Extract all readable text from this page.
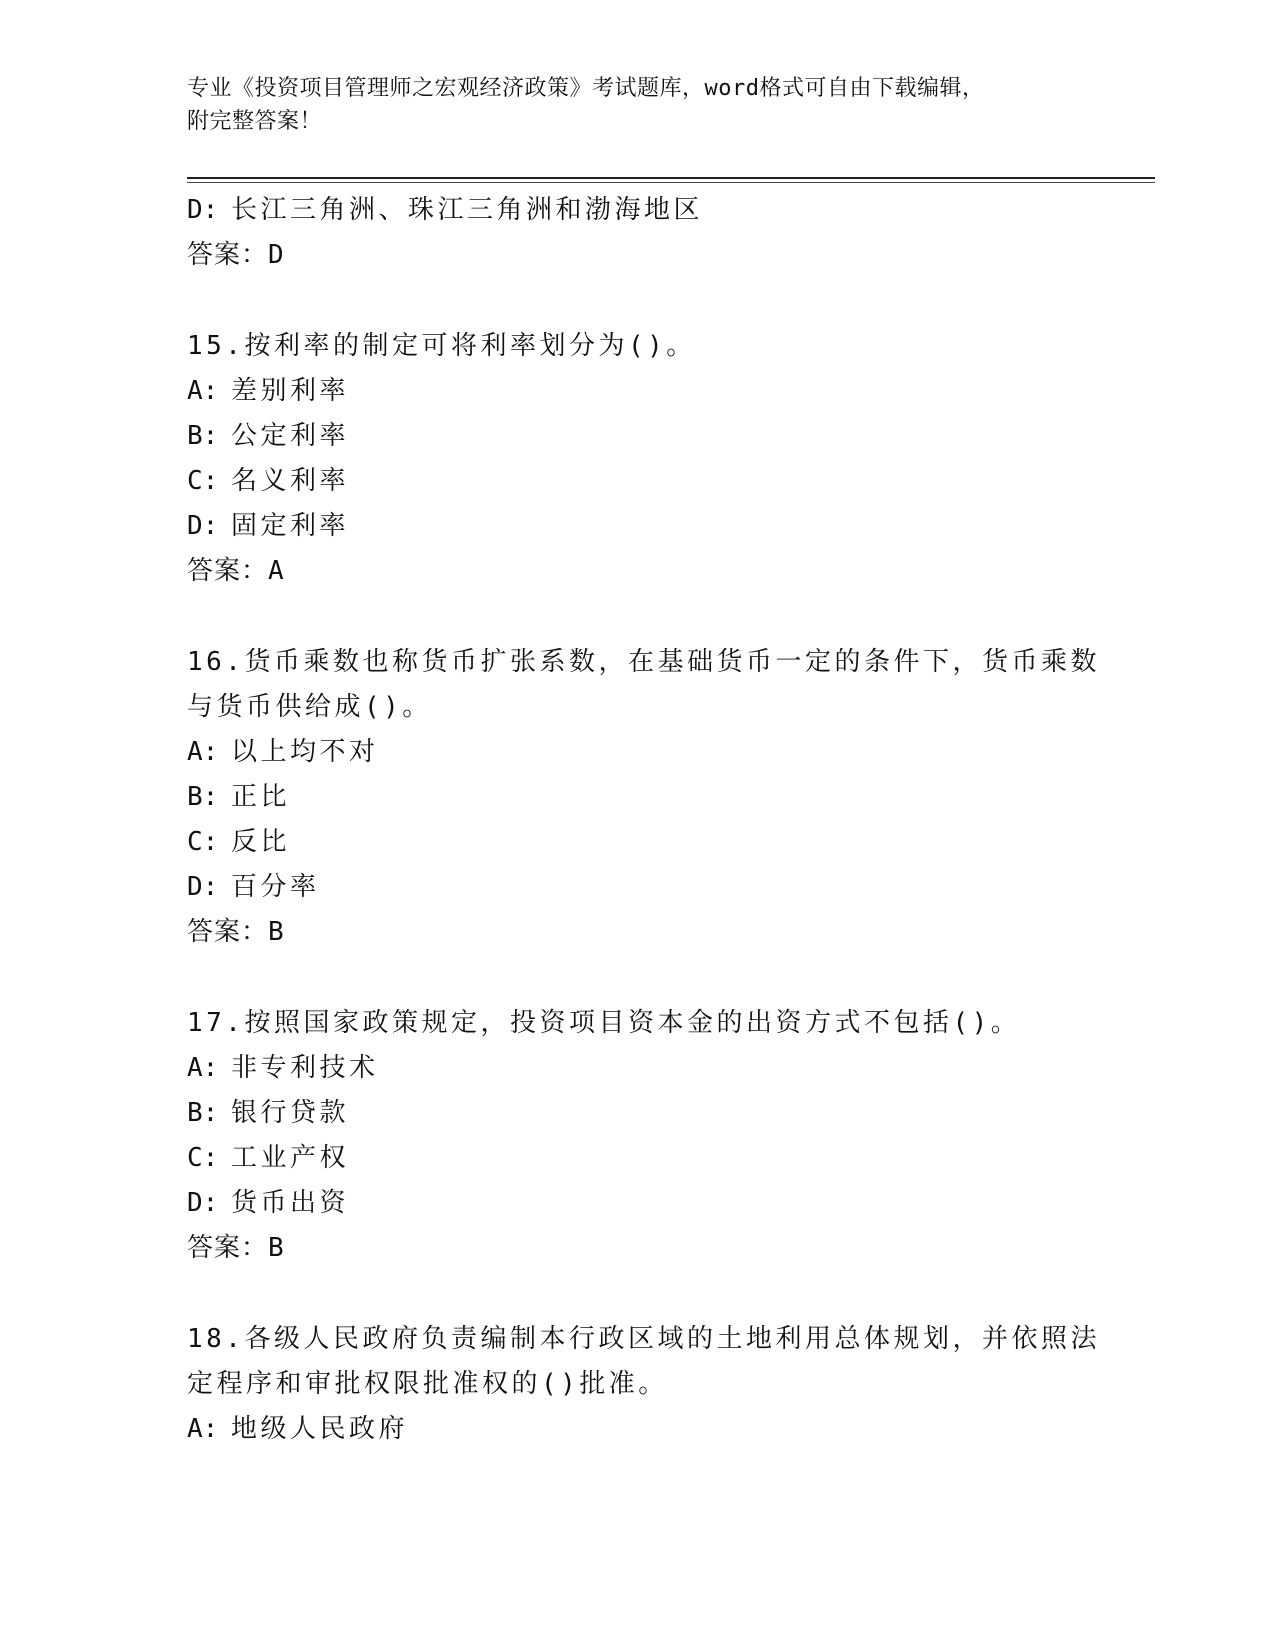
专业《投资项目管理师之宏观经济政策》考试题库，word格式可自由下载编辑，
附完整答案！
D: 长江三角洲、珠江三角洲和渤海地区
答案：D
15.按利率的制定可将利率划分为()。
A: 差别利率
B: 公定利率
C: 名义利率
D: 固定利率
答案：A
16.货币乘数也称货币扩张系数，在基础货币一定的条件下，货币乘数
与货币供给成()。
A: 以上均不对
B: 正比
C: 反比
D: 百分率
答案：B
17.按照国家政策规定，投资项目资本金的出资方式不包括()。
A: 非专利技术
B: 银行贷款
C: 工业产权
D: 货币出资
答案：B
18.各级人民政府负责编制本行政区域的土地利用总体规划，并依照法
定程序和审批权限批准权的()批准。
A: 地级人民政府
